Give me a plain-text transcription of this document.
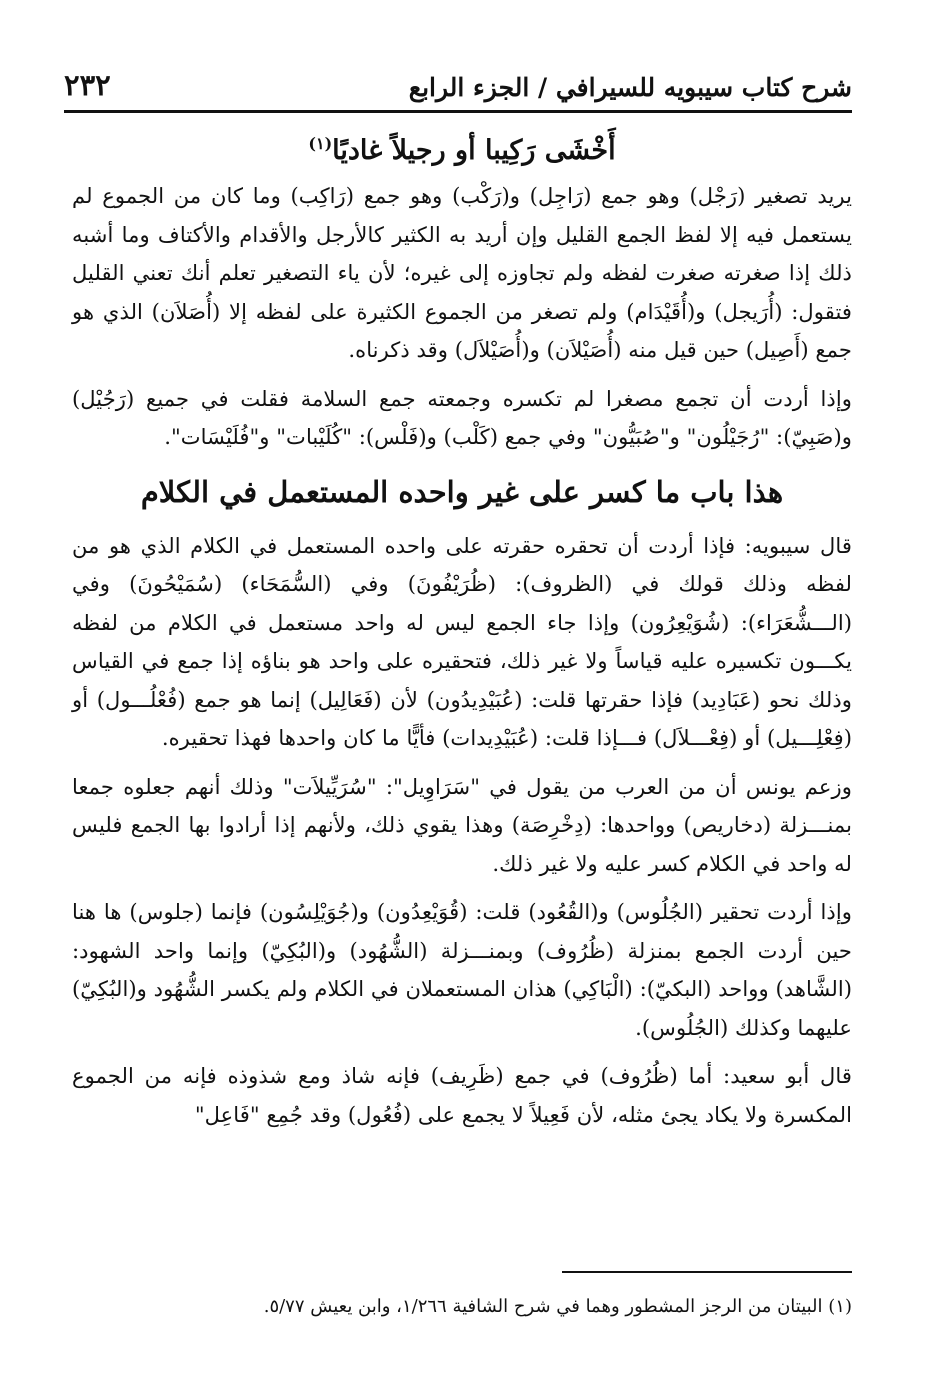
شرح كتاب سيبويه للسيرافي / الجزء الرابع
٢٣٢

أَخْشَى رَكِيبا أو رجيلاً غاديًا$^{(١)}$

يريد تصغير (رَجْل) وهو جمع (رَاجِل) و(رَكْب) وهو جمع (رَاكِب) وما كان من الجموع لم يستعمل فيه إلا لفظ الجمع القليل وإن أريد به الكثير كالأرجل والأقدام والأكتاف وما أشبه ذلك إذا صغرته صغرت لفظه ولم تجاوزه إلى غيره؛ لأن ياء التصغير تعلم أنك تعني القليل فتقول: (أُرَيجل) و(أُقَيْدَام) ولم تصغر من الجموع الكثيرة على لفظه إلا (أُصَلاَن) الذي هو جمع (أَصِيل) حين قيل منه (أُصَيْلاَن) و(أُصَيْلاَل) وقد ذكرناه.

وإذا أردت أن تجمع مصغرا لم تكسره وجمعته جمع السلامة فقلت في جميع (رَجُيْل) و(صَبِيّ): "رُجَيْلُون" و"صُبَيُّون" وفي جمع (كَلْب) و(فَلْس): "كُلَيْبات" و"فُلَيْسَات".

هذا باب ما كسر على غير واحده المستعمل في الكلام

قال سيبويه: فإذا أردت أن تحقره حقرته على واحده المستعمل في الكلام الذي هو من لفظه وذلك قولك في (الظروف): (ظُرَيْفُونَ) وفي (السُّمَحَاء) (سُمَيْحُونَ) وفي (الـــشُّعَرَاء): (شُوَيْعِرُون) وإذا جاء الجمع ليس له واحد مستعمل في الكلام من لفظه يكـــون تكسيره عليه قياساً ولا غير ذلك، فتحقيره على واحد هو بناؤه إذا جمع في القياس وذلك نحو (عَبَادِيد) فإذا حقرتها قلت: (عُبَيْدِيدُون) لأن (فَعَالِيل) إنما هو جمع (فُعْلُـــول) أو (فِعْلِـــيل) أو (فِعْـــلاَل) فـــإذا قلت: (عُبَيْدِيدات) فأيًّا ما كان واحدها فهذا تحقيره.

وزعم يونس أن من العرب من يقول في "سَرَاوِيل": "سُرَيِّيلاَت" وذلك أنهم جعلوه جمعا بمنـــزلة (دخاريص) وواحدها: (دِخْرِصَة) وهذا يقوي ذلك، ولأنهم إذا أرادوا بها الجمع فليس له واحد في الكلام كسر عليه ولا غير ذلك.

وإذا أردت تحقير (الجُلُوس) و(القُعُود) قلت: (قُوَيْعِدُون) و(جُوَيْلِسُون) فإنما (جلوس) ها هنا حين أردت الجمع بمنزلة (ظُرُوف) وبمنـــزلة (الشُّهُود) و(البُكِيّ) وإنما واحد الشهود: (الشَّاهد) وواحد (البكيّ): (الْبَاكِي) هذان المستعملان في الكلام ولم يكسر الشُّهُود و(البُكِيّ) عليهما وكذلك (الجُلُوس).

قال أبو سعيد: أما (ظُرُوف) في جمع (ظَرِيف) فإنه شاذ ومع شذوذه فإنه من الجموع المكسرة ولا يكاد يجئ مثله، لأن فَعِيلاً لا يجمع على (فُعُول) وقد جُمِع "فَاعِل"

(١) البيتان من الرجز المشطور وهما في شرح الشافية ١/٢٦٦، وابن يعيش ٥/٧٧.
